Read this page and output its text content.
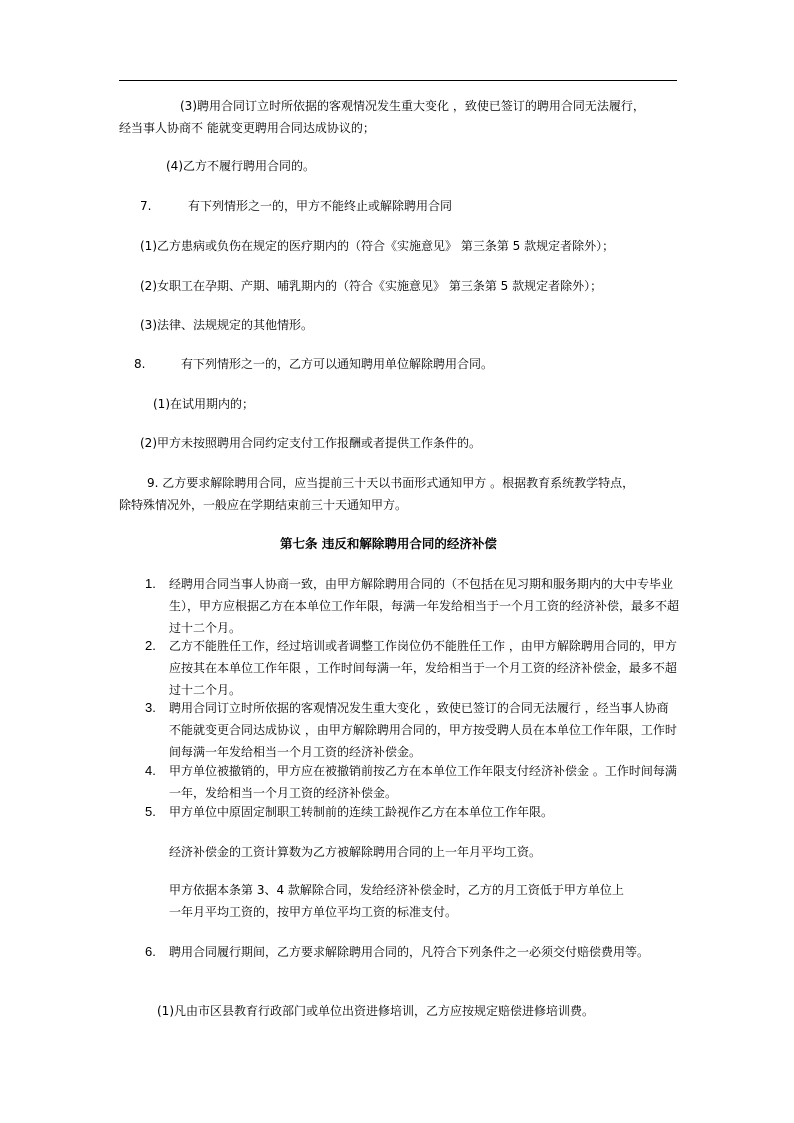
(3)聘用合同订立时所依据的客观情况发生重大变化 ，致使已签订的聘用合同无法履行，
经当事人协商不 能就变更聘用合同达成协议的；
(4)乙方不履行聘用合同的。
7.	有下列情形之一的，甲方不能终止或解除聘用合同
(1)乙方患病或负伤在规定的医疗期内的（符合《实施意见》 第三条第 5 款规定者除外）；
(2)女职工在孕期、产期、哺乳期内的（符合《实施意见》 第三条第 5 款规定者除外）；
(3)法律、法规规定的其他情形。
8.	有下列情形之一的，乙方可以通知聘用单位解除聘用合同。
(1)在试用期内的；
(2)甲方未按照聘用合同约定支付工作报酬或者提供工作条件的。
9. 乙方要求解除聘用合同，应当提前三十天以书面形式通知甲方 。根据教育系统教学特点，
除特殊情况外，一般应在学期结束前三十天通知甲方。
第七条 违反和解除聘用合同的经济补偿
1. 经聘用合同当事人协商一致，由甲方解除聘用合同的（不包括在见习期和服务期内的大中专毕业生），甲方应根据乙方在本单位工作年限，每满一年发给相当于一个月工资的经济补偿，最多不超过十二个月。
2. 乙方不能胜任工作，经过培训或者调整工作岗位仍不能胜任工作 ，由甲方解除聘用合同的，甲方应按其在本单位工作年限 ，工作时间每满一年，发给相当于一个月工资的经济补偿金，最多不超过十二个月。
3. 聘用合同订立时所依据的客观情况发生重大变化 ，致使已签订的合同无法履行 ，经当事人协商不能就变更合同达成协议 ，由甲方解除聘用合同的，甲方按受聘人员在本单位工作年限，工作时间每满一年发给相当一个月工资的经济补偿金。
4. 甲方单位被撤销的，甲方应在被撤销前按乙方在本单位工作年限支付经济补偿金 。工作时间每满一年，发给相当一个月工资的经济补偿金。
5. 甲方单位中原固定制职工转制前的连续工龄视作乙方在本单位工作年限。
经济补偿金的工资计算数为乙方被解除聘用合同的上一年月平均工资。
甲方依据本条第 3、4 款解除合同，发给经济补偿金时，乙方的月工资低于甲方单位上
一年月平均工资的，按甲方单位平均工资的标准支付。
6. 聘用合同履行期间，乙方要求解除聘用合同的，凡符合下列条件之一必须交付赔偿费用等。
(1)凡由市区县教育行政部门或单位出资进修培训，乙方应按规定赔偿进修培训费。
